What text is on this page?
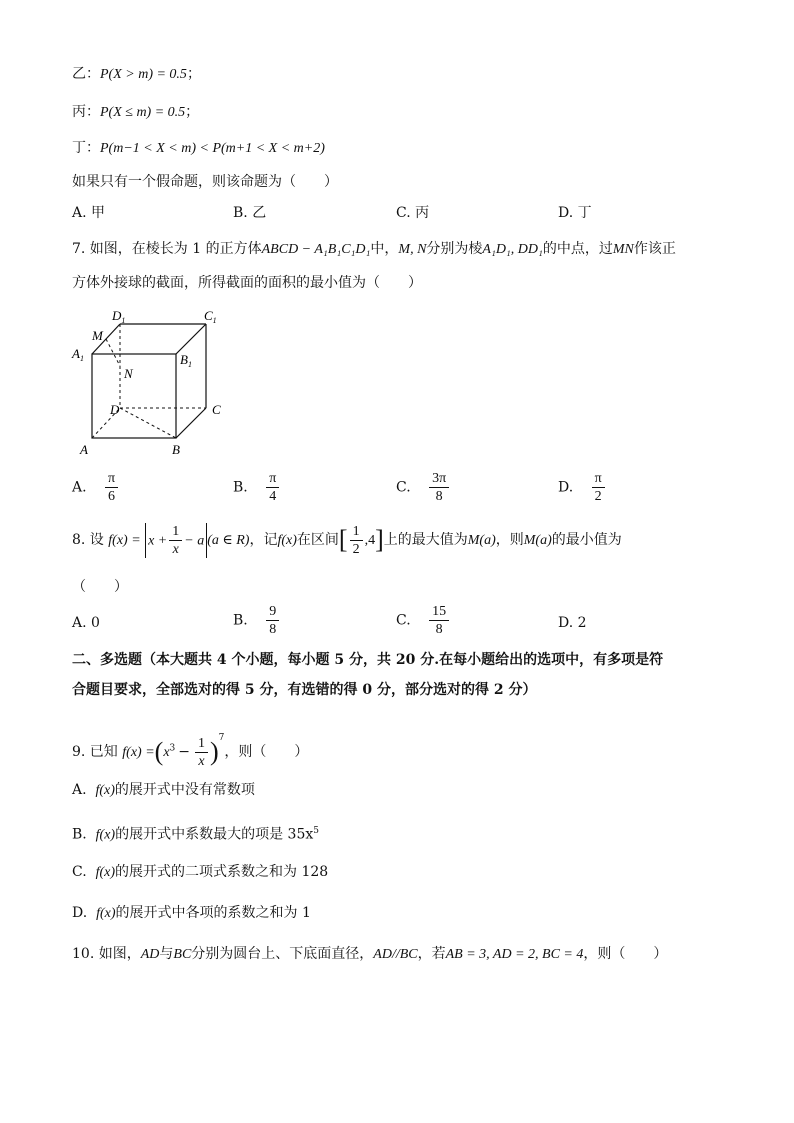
乙：P(X > m) = 0.5；
丙：P(X ≤ m) = 0.5；
丁：P(m−1 < X < m) < P(m+1 < X < m+2)
如果只有一个假命题，则该命题为（　　）
A. 甲	B. 乙	C. 丙	D. 丁
7. 如图，在棱长为 1 的正方体ABCD − A₁B₁C₁D₁中，M, N分别为棱A₁D₁, DD₁的中点，过MN作该正
方体外接球的截面，所得截面的面积的最小值为（　　）
$D_1$	$C_1$
$A_1$	$B_1$
M
N
D	C
A	B
A. $\frac{\pi}{6}$	B. $\frac{\pi}{4}$	C. $\frac{3\pi}{8}$	D. $\frac{\pi}{2}$
8. 设 $f(x) = x + \frac{1}{x} - a$ (a ∈ R)，记f(x)在区间[ $\frac{1}{2} ,4$]上的最大值为M(a)，则M(a)的最小值为
（　　）
A. 0	B. $\frac{9}{8}$	C. $\frac{15}{8}$	D. 2
二、多选题（本大题共 4 个小题，每小题 5 分，共 20 分.在每小题给出的选项中，有多项是符
合题目要求，全部选对的得 5 分，有选错的得 0 分，部分选对的得 2 分）
9. 已知 $f(x) =(x^3 - \frac{1}{x} )^7$，则（　　）
A. f(x)的展开式中没有常数项
B. f(x)的展开式中系数最大的项是 $35x^5$
C. f(x)的展开式的二项式系数之和为 128
D. f(x)的展开式中各项的系数之和为 1
10. 如图，AD与BC分别为圆台上、下底面直径，AD//BC，若AB = 3, AD = 2, BC = 4，则（　　）
